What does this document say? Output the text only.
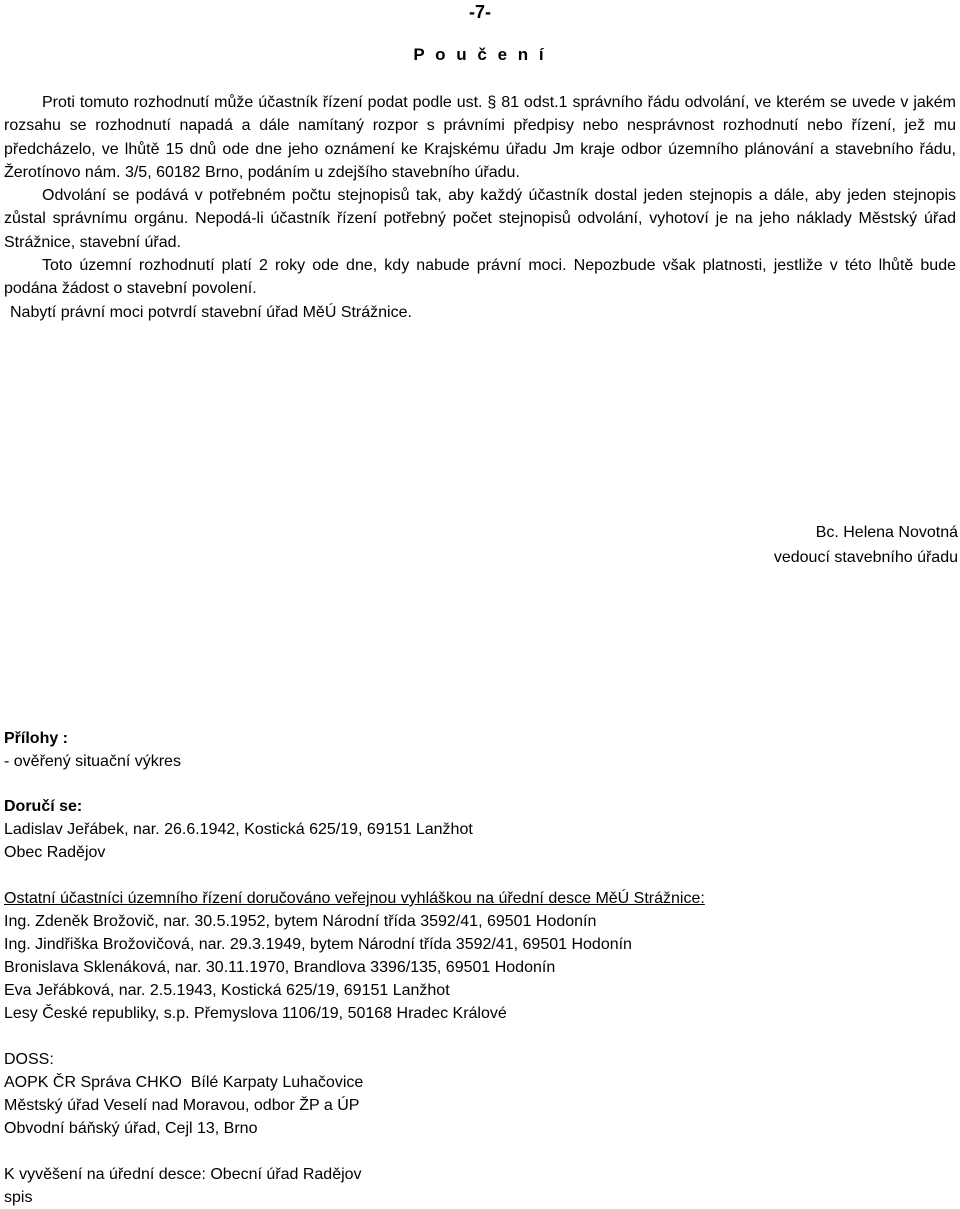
-7-
P o u č e n í

Proti tomuto rozhodnutí může účastník řízení podat podle ust. § 81 odst.1 správního řádu odvolání, ve kterém se uvede v jakém rozsahu se rozhodnutí napadá a dále namítaný rozpor s právními předpisy nebo nesprávnost rozhodnutí nebo řízení, jež mu předcházelo, ve lhůtě 15 dnů ode dne jeho oznámení ke Krajskému úřadu Jm kraje odbor územního plánování a stavebního řádu, Žerotínovo nám. 3/5, 60182 Brno, podáním u zdejšího stavebního úřadu.

Odvolání se podává v potřebném počtu stejnopisů tak, aby každý účastník dostal jeden stejnopis a dále, aby jeden stejnopis zůstal správnímu orgánu. Nepodá-li účastník řízení potřebný počet stejnopisů odvolání, vyhotoví je na jeho náklady Městský úřad Strážnice, stavební úřad.

Toto územní rozhodnutí platí 2 roky ode dne, kdy nabude právní moci. Nepozbude však platnosti, jestliže v této lhůtě bude podána žádost o stavební povolení.

Nabytí právní moci potvrdí stavební úřad MěÚ Strážnice.

Bc. Helena Novotná
vedoucí stavebního úřadu
Přílohy :
- ověřený situační výkres
Doručí se:
Ladislav Jeřábek, nar. 26.6.1942, Kostická 625/19, 69151 Lanžhot
Obec Radějov
Ostatní účastníci územního řízení doručováno veřejnou vyhláškou na úřední desce MěÚ Strážnice:
Ing. Zdeněk Brožovič, nar. 30.5.1952, bytem Národní třída 3592/41, 69501 Hodonín
Ing. Jindřiška Brožovičová, nar. 29.3.1949, bytem Národní třída 3592/41, 69501 Hodonín
Bronislava Sklenáková, nar. 30.11.1970, Brandlova 3396/135, 69501 Hodonín
Eva Jeřábková, nar. 2.5.1943, Kostická 625/19, 69151 Lanžhot
Lesy České republiky, s.p. Přemyslova 1106/19, 50168 Hradec Králové
DOSS:
AOPK ČR Správa CHKO  Bílé Karpaty Luhačovice
Městský úřad Veselí nad Moravou, odbor ŽP a ÚP
Obvodní báňský úřad, Cejl 13, Brno
K vyvěšení na úřední desce: Obecní úřad Radějov
spis
